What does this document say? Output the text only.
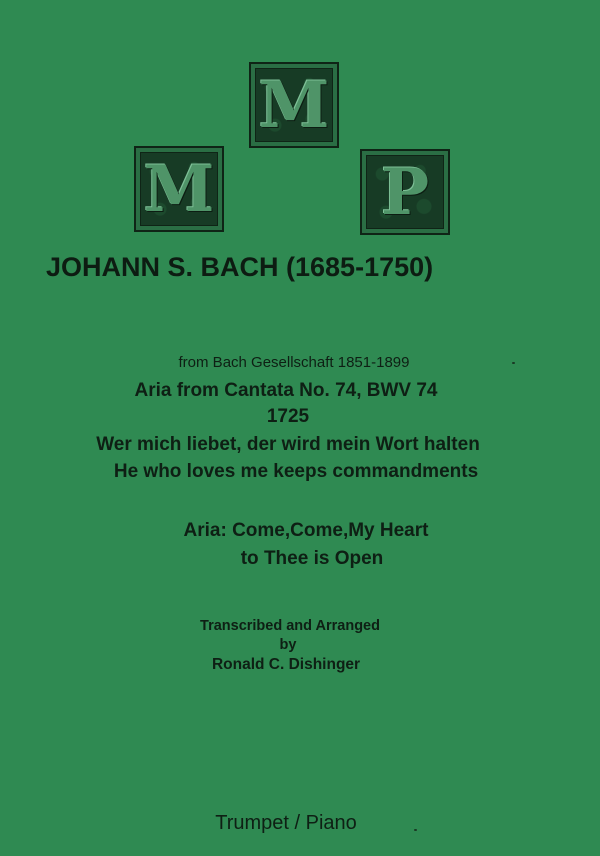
M
M	P
JOHANN S. BACH (1685-1750)
from Bach Gesellschaft 1851-1899
Aria from Cantata No. 74, BWV 74
1725
Wer mich liebet, der wird mein Wort halten
He who loves me keeps commandments
Aria: Come,Come,My Heart
to Thee is Open
Transcribed and Arranged
by
Ronald C. Dishinger
Trumpet / Piano
